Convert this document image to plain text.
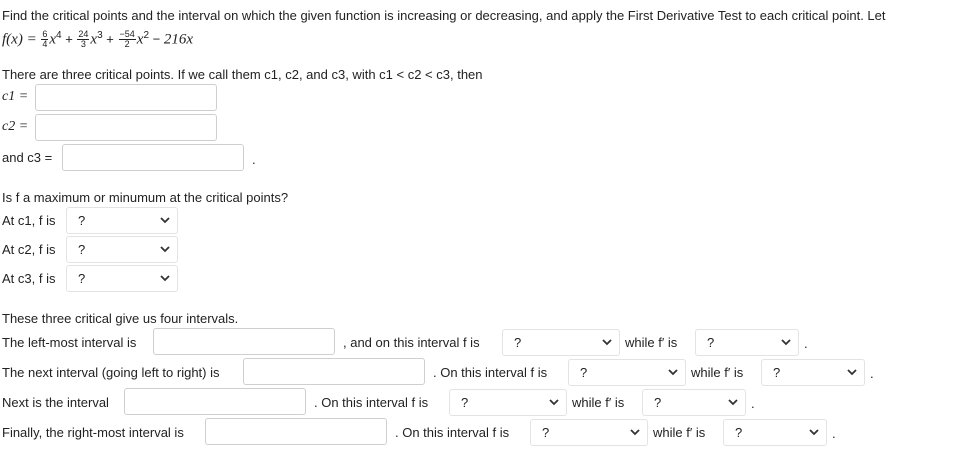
Find the critical points and the interval on which the given function is increasing or decreasing, and apply the First Derivative Test to each critical point. Let
$f(x) = \frac{6}{4} x^4 + \frac{24}{3} x^3 + \frac{-54}{2} x^2 - 216x$
There are three critical points. If we call them c1, c2, and c3, with c1 < c2 < c3, then
c1 =
c2 =
and c3 =	.
Is f a maximum or minumum at the critical points?
At c1, f is ?
At c2, f is ?
At c3, f is ?
These three critical give us four intervals.
The left-most interval is	, and on this interval f is	?	while f′ is ?	.
The next interval (going left to right) is	. On this interval f is	?	while f′ is ?	.
Next is the interval	. On this interval f is	?	while f′ is ?	.
Finally, the right-most interval is	. On this interval f is	?	while f′ is ?	.
